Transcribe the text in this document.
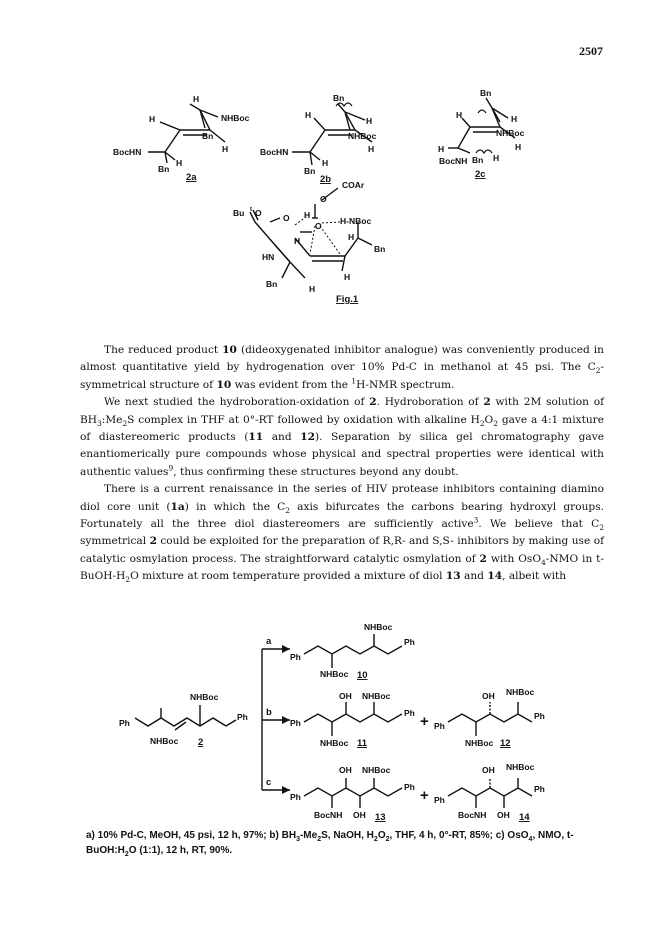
2507
H
H	NHBoc
Bn
H
BocHN
Bn
H
2a
Bn
H
H
NHBoc
H
BocHN
H
Bn
2b
Bn
H	H
NHBoc
H
H
BocNH Bn H
2c
COAr
O
Bu t O	O H
O H-NBoc
H	H
Bn
HN
H
Bn	H
Fig.1

The reduced product 10 (dideoxygenated inhibitor analogue) was conveniently produced in almost quantitative yield by hydrogenation over 10% Pd-C in methanol at 45 psi. The $C_2$-symmetrical structure of 10 was evident from the $^1$H-NMR spectrum.

We next studied the hydroboration-oxidation of 2. Hydroboration of 2 with 2M solution of $BH_3:Me_2S$ complex in THF at 0°-RT followed by oxidation with alkaline $H_2O_2$ gave a 4:1 mixture of diastereomeric products (11 and 12). Separation by silica gel chromatography gave enantiomerically pure compounds whose physical and spectral properties were identical with authentic values$^9$, thus confirming these structures beyond any doubt.

There is a current renaissance in the series of HIV protease inhibitors containing diamino diol core unit (1a) in which the $C_2$ axis bifurcates the carbons bearing hydroxyl groups. Fortunately all the three diol diastereomers are sufficiently active$^3$. We believe that $C_2$ symmetrical 2 could be exploited for the preparation of R,R- and S,S- inhibitors by making use of catalytic osmylation process. The straightforward catalytic osmylation of 2 with OsO$_4$-NMO in $t-BuOH-H_2O$ mixture at room temperature provided a mixture of diol 13 and 14, albeit with

NHBoc
Ph
Ph
NHBoc 2
a
b
c
NHBoc
Ph
Ph
NHBoc 10
OH NHBoc
Ph
Ph
NHBoc 11
+
OH NHBoc
Ph
Ph
NHBoc 12
OH NHBoc
Ph
Ph
BocNH OH 13
+
OH NHBoc
Ph
Ph
BocNH OH 14

a) 10% Pd-C, MeOH, 45 psi, 12 h, 97%; b) $BH_3-Me_2S$, NaOH, $H_2O_2$, THF, 4 h, 0°-RT, 85%; c) OsO$_4$, NMO, $t-BuOH:H_2O$ (1:1), 12 h, RT, 90%.
